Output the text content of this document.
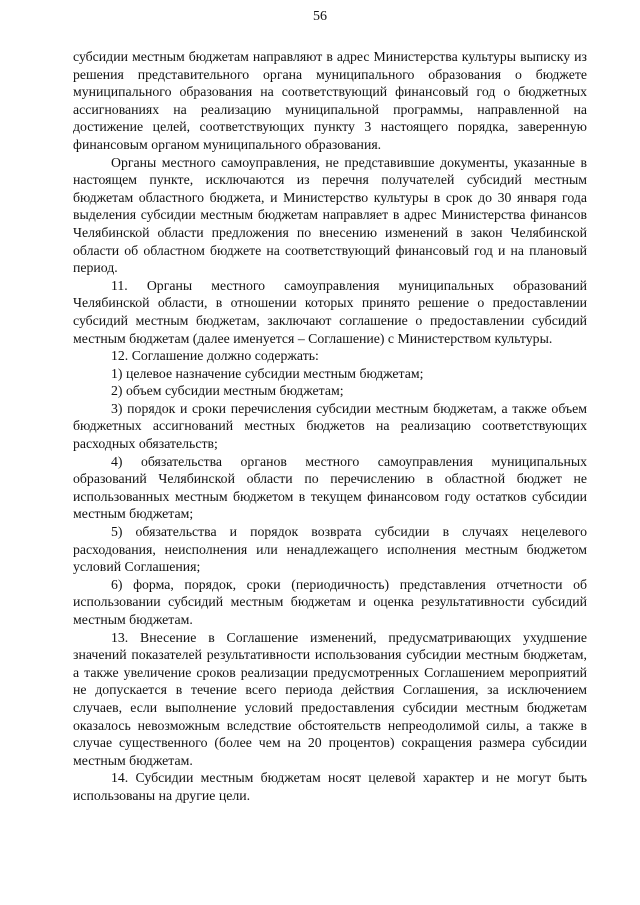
56

субсидии местным бюджетам направляют в адрес Министерства культуры выписку из решения представительного органа муниципального образования о бюджете муниципального образования на соответствующий финансовый год о бюджетных ассигнованиях на реализацию муниципальной программы, направленной на достижение целей, соответствующих пункту 3 настоящего порядка, заверенную финансовым органом муниципального образования.

Органы местного самоуправления, не представившие документы, указанные в настоящем пункте, исключаются из перечня получателей субсидий местным бюджетам областного бюджета, и Министерство культуры в срок до 30 января года выделения субсидии местным бюджетам направляет в адрес Министерства финансов Челябинской области предложения по внесению изменений в закон Челябинской области об областном бюджете на соответствующий финансовый год и на плановый период.

11. Органы местного самоуправления муниципальных образований Челябинской области, в отношении которых принято решение о предоставлении субсидий местным бюджетам, заключают соглашение о предоставлении субсидий местным бюджетам (далее именуется – Соглашение) с Министерством культуры.

12. Соглашение должно содержать:

1) целевое назначение субсидии местным бюджетам;

2) объем субсидии местным бюджетам;

3) порядок и сроки перечисления субсидии местным бюджетам, а также объем бюджетных ассигнований местных бюджетов на реализацию соответствующих расходных обязательств;

4) обязательства органов местного самоуправления муниципальных образований Челябинской области по перечислению в областной бюджет не использованных местным бюджетом в текущем финансовом году остатков субсидии местным бюджетам;

5) обязательства и порядок возврата субсидии в случаях нецелевого расходования, неисполнения или ненадлежащего исполнения местным бюджетом условий Соглашения;

6) форма, порядок, сроки (периодичность) представления отчетности об использовании субсидий местным бюджетам и оценка результативности субсидий местным бюджетам.

13. Внесение в Соглашение изменений, предусматривающих ухудшение значений показателей результативности использования субсидии местным бюджетам, а также увеличение сроков реализации предусмотренных Соглашением мероприятий не допускается в течение всего периода действия Соглашения, за исключением случаев, если выполнение условий предоставления субсидии местным бюджетам оказалось невозможным вследствие обстоятельств непреодолимой силы, а также в случае существенного (более чем на 20 процентов) сокращения размера субсидии местным бюджетам.

14. Субсидии местным бюджетам носят целевой характер и не могут быть использованы на другие цели.
